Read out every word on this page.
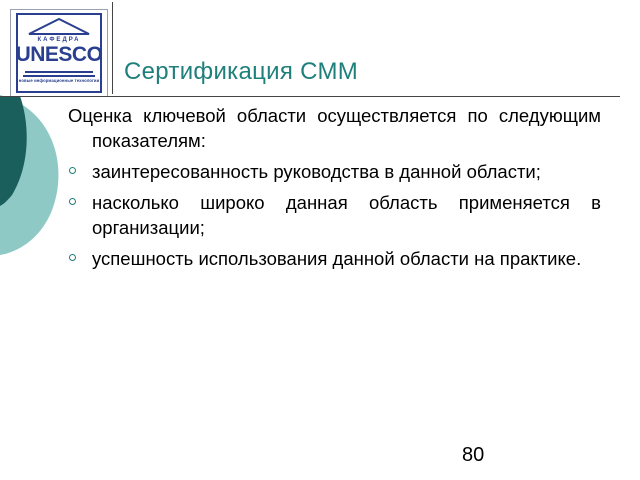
КАФЕДРА
UNESCO
новые информационные технологии	Сертификация СММ

Оценка ключевой области осуществляется по следующим показателям:

заинтересованность руководства в данной области;
насколько широко данная область применяется в организации;
успешность использования данной области на практике.
80
